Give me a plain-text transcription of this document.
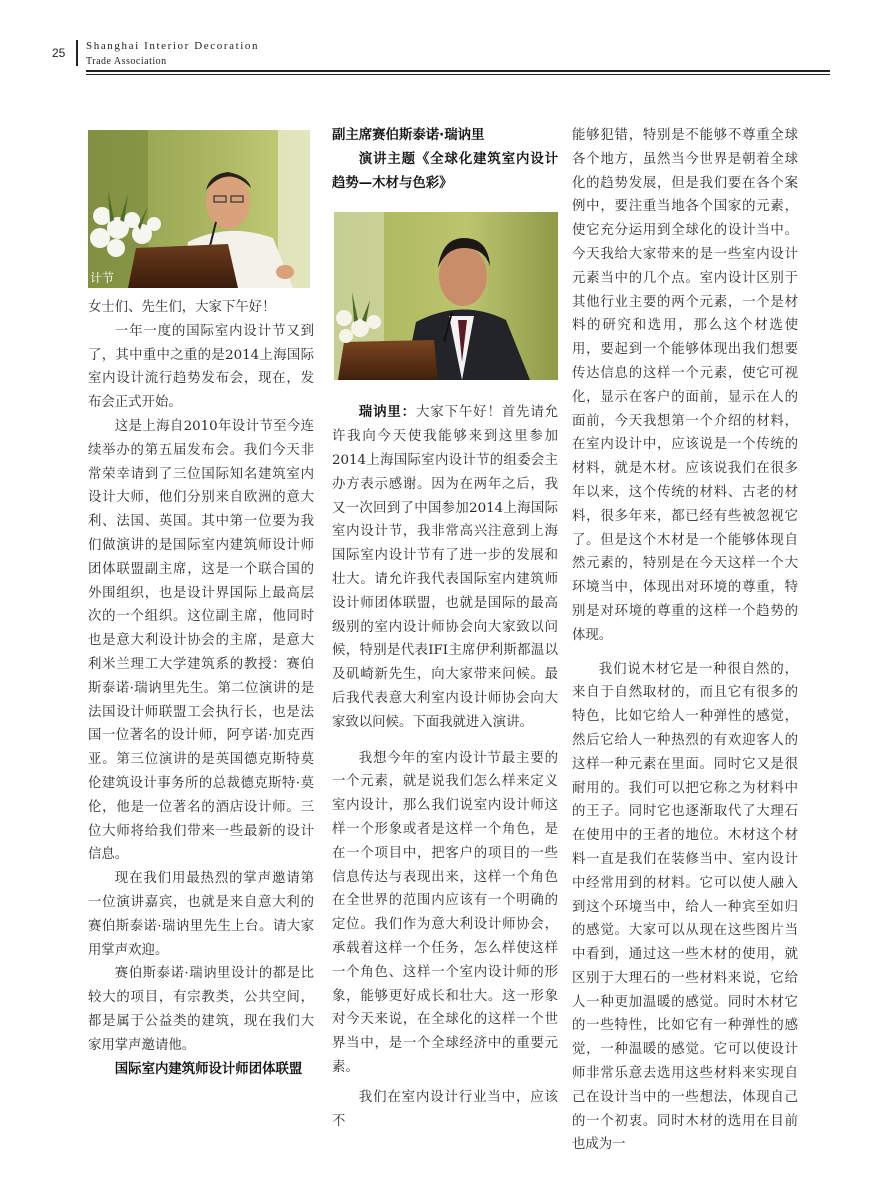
25 Shanghai Interior Decoration
Trade Association
计节

女士们、先生们，大家下午好！

一年一度的国际室内设计节又到了，其中重中之重的是2014上海国际室内设计流行趋势发布会，现在，发布会正式开始。

这是上海自2010年设计节至今连续举办的第五届发布会。我们今天非常荣幸请到了三位国际知名建筑室内设计大师，他们分别来自欧洲的意大利、法国、英国。其中第一位要为我们做演讲的是国际室内建筑师设计师团体联盟副主席，这是一个联合国的外围组织，也是设计界国际上最高层次的一个组织。这位副主席，他同时也是意大利设计协会的主席，是意大利米兰理工大学建筑系的教授：赛伯斯泰诺·瑞讷里先生。第二位演讲的是法国设计师联盟工会执行长，也是法国一位著名的设计师，阿亨诺·加克西亚。第三位演讲的是英国德克斯特莫伦建筑设计事务所的总裁德克斯特·莫伦，他是一位著名的酒店设计师。三位大师将给我们带来一些最新的设计信息。

现在我们用最热烈的掌声邀请第一位演讲嘉宾，也就是来自意大利的赛伯斯泰诺·瑞讷里先生上台。请大家用掌声欢迎。

赛伯斯泰诺·瑞讷里设计的都是比较大的项目，有宗教类，公共空间，都是属于公益类的建筑，现在我们大家用掌声邀请他。

国际室内建筑师设计师团体联盟

副主席赛伯斯泰诺·瑞讷里

演讲主题《全球化建筑室内设计趋势—木材与色彩》

瑞讷里：大家下午好！首先请允许我向今天使我能够来到这里参加2014上海国际室内设计节的组委会主办方表示感谢。因为在两年之后，我又一次回到了中国参加2014上海国际室内设计节，我非常高兴注意到上海国际室内设计节有了进一步的发展和壮大。请允许我代表国际室内建筑师设计师团体联盟，也就是国际的最高级别的室内设计师协会向大家致以问候，特别是代表IFI主席伊利斯都温以及矶崎新先生，向大家带来问候。最后我代表意大利室内设计师协会向大家致以问候。下面我就进入演讲。

我想今年的室内设计节最主要的一个元素，就是说我们怎么样来定义室内设计，那么我们说室内设计师这样一个形象或者是这样一个角色，是在一个项目中，把客户的项目的一些信息传达与表现出来，这样一个角色在全世界的范围内应该有一个明确的定位。我们作为意大利设计师协会，承载着这样一个任务，怎么样使这样一个角色、这样一个室内设计师的形象，能够更好成长和壮大。这一形象对今天来说，在全球化的这样一个世界当中，是一个全球经济中的重要元素。

我们在室内设计行业当中，应该不

能够犯错，特别是不能够不尊重全球各个地方，虽然当今世界是朝着全球化的趋势发展，但是我们要在各个案例中，要注重当地各个国家的元素，使它充分运用到全球化的设计当中。今天我给大家带来的是一些室内设计元素当中的几个点。室内设计区别于其他行业主要的两个元素，一个是材料的研究和选用，那么这个材选使用，要起到一个能够体现出我们想要传达信息的这样一个元素，使它可视化，显示在客户的面前，显示在人的面前，今天我想第一个介绍的材料，在室内设计中，应该说是一个传统的材料，就是木材。应该说我们在很多年以来，这个传统的材料、古老的材料，很多年来，都已经有些被忽视它了。但是这个木材是一个能够体现自然元素的，特别是在今天这样一个大环境当中，体现出对环境的尊重，特别是对环境的尊重的这样一个趋势的体现。

我们说木材它是一种很自然的，来自于自然取材的，而且它有很多的特色，比如它给人一种弹性的感觉，然后它给人一种热烈的有欢迎客人的这样一种元素在里面。同时它又是很耐用的。我们可以把它称之为材料中的王子。同时它也逐渐取代了大理石在使用中的王者的地位。木材这个材料一直是我们在装修当中、室内设计中经常用到的材料。它可以使人融入到这个环境当中，给人一种宾至如归的感觉。大家可以从现在这些图片当中看到，通过这一些木材的使用，就区别于大理石的一些材料来说，它给人一种更加温暖的感觉。同时木材它的一些特性，比如它有一种弹性的感觉，一种温暖的感觉。它可以使设计师非常乐意去选用这些材料来实现自己在设计当中的一些想法，体现自己的一个初衷。同时木材的选用在目前也成为一
